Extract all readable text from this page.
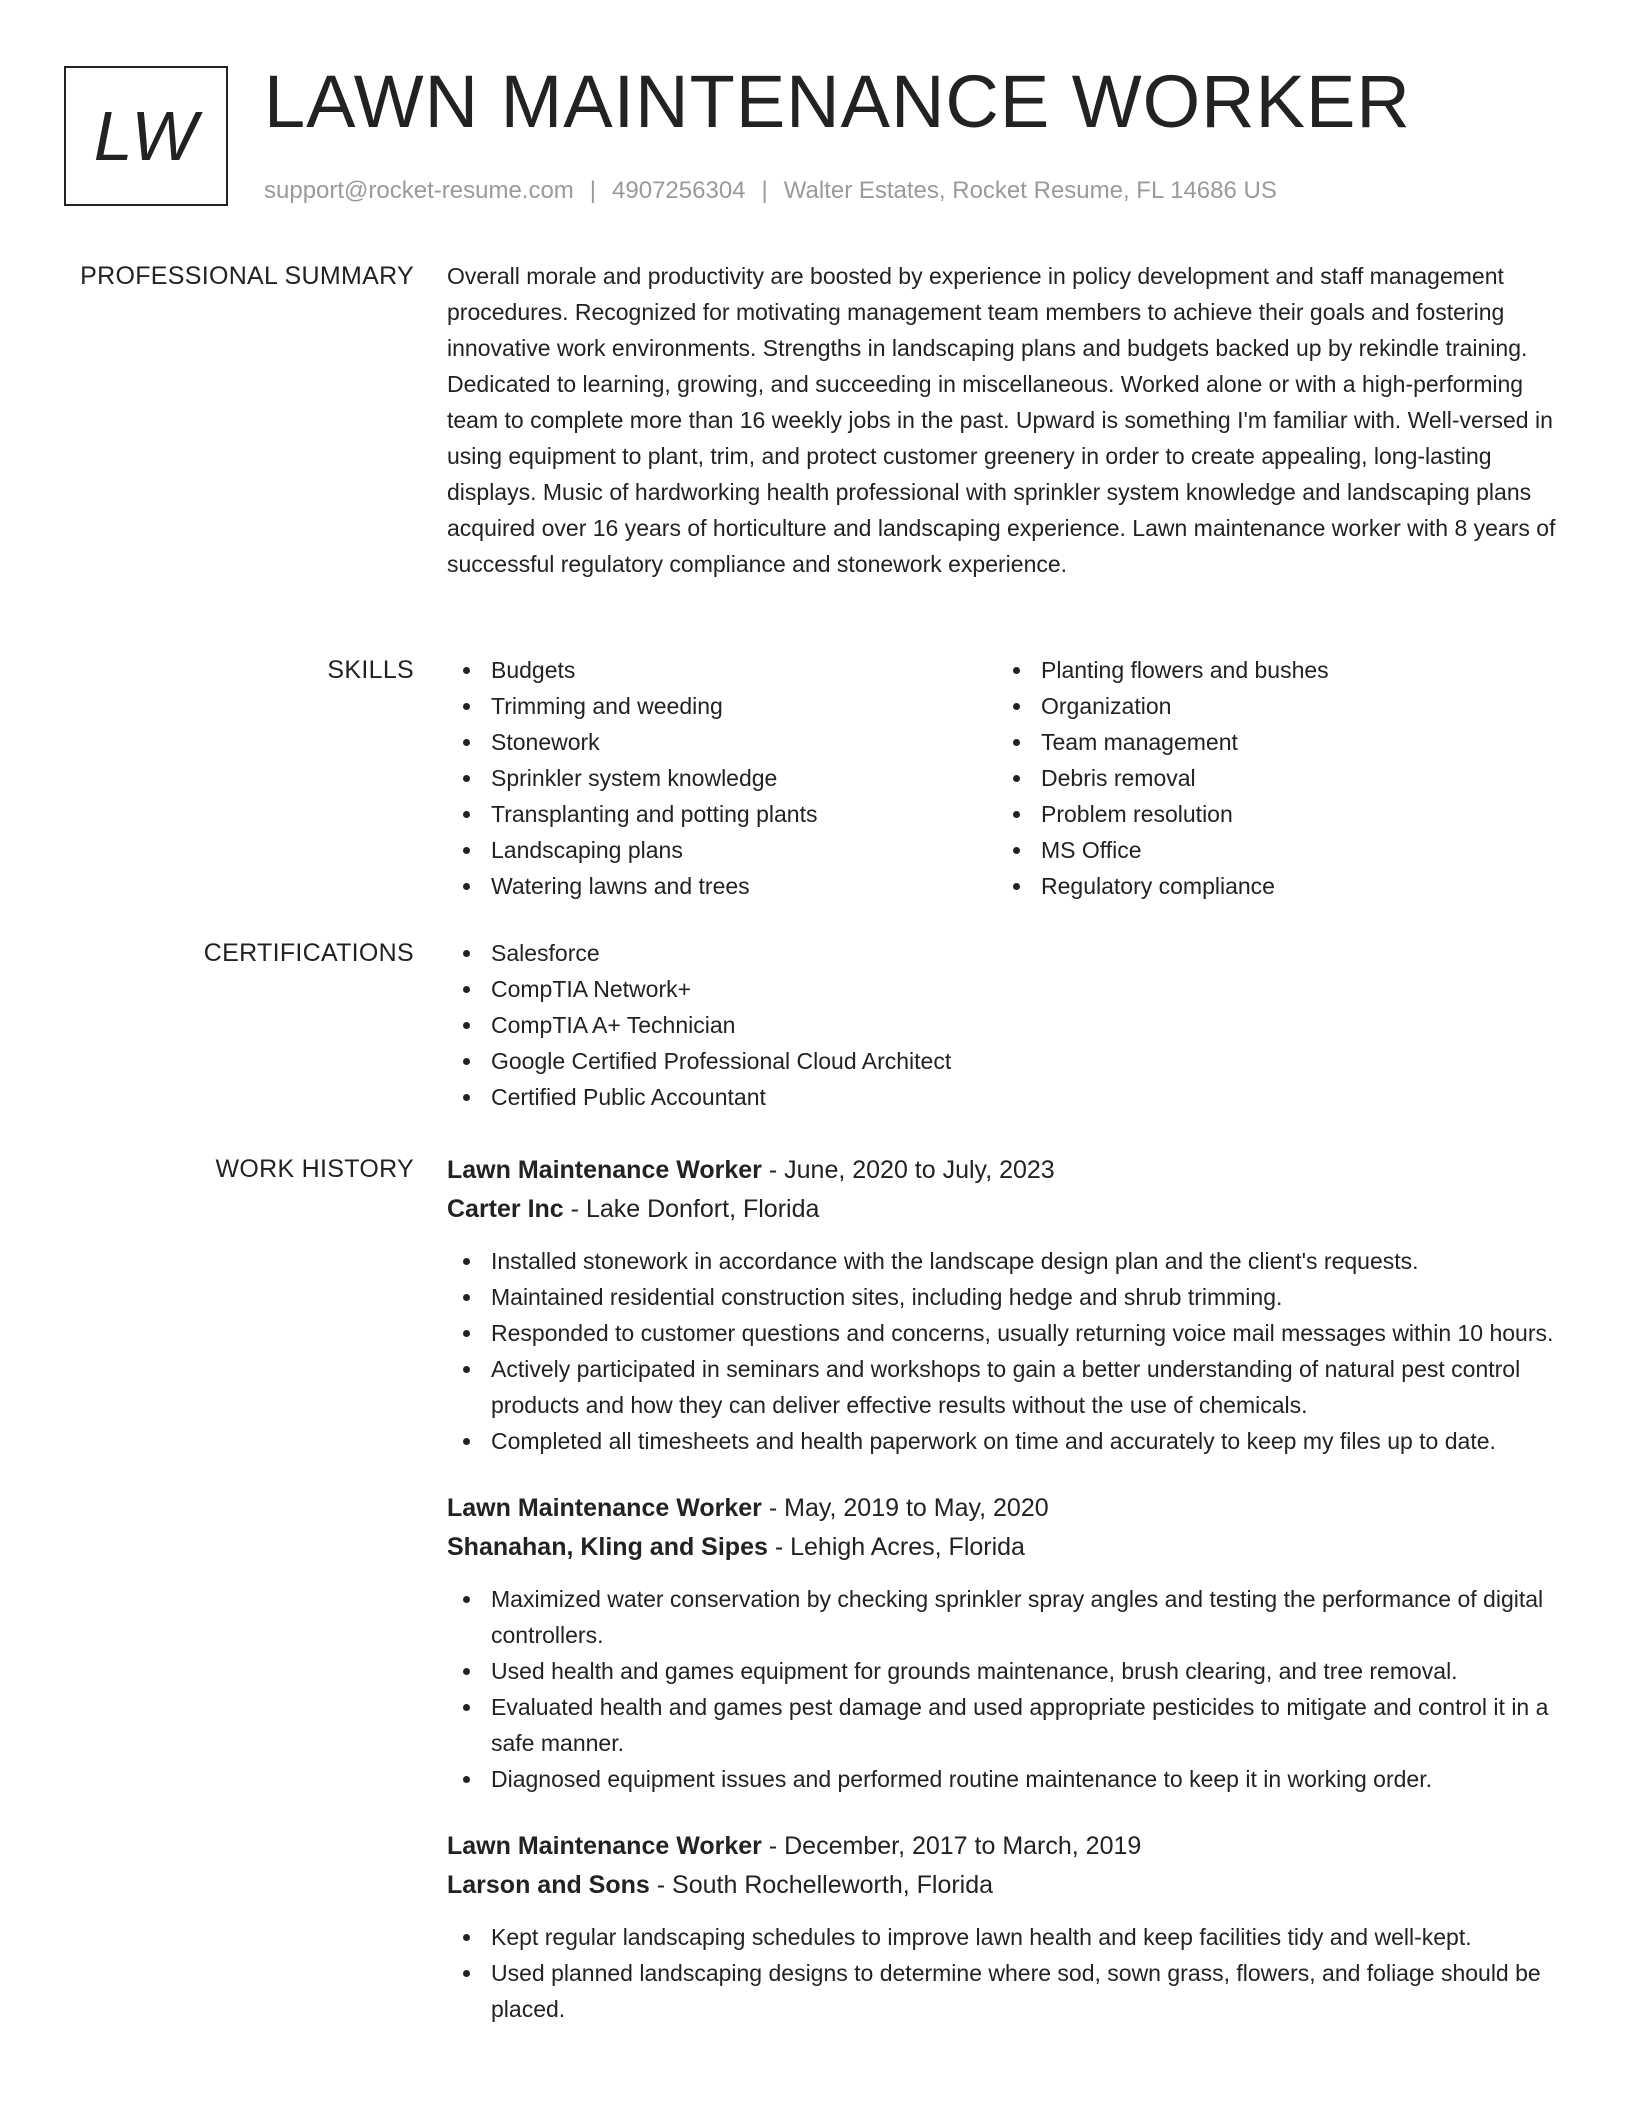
LW LAWN MAINTENANCE WORKER
support@rocket-resume.com | 4907256304 | Walter Estates, Rocket Resume, FL 14686 US
PROFESSIONAL SUMMARY Overall morale and productivity are boosted by experience in policy development and staff management procedures. Recognized for motivating management team members to achieve their goals and fostering innovative work environments. Strengths in landscaping plans and budgets backed up by rekindle training. Dedicated to learning, growing, and succeeding in miscellaneous. Worked alone or with a high-performing team to complete more than 16 weekly jobs in the past. Upward is something I'm familiar with. Well-versed in using equipment to plant, trim, and protect customer greenery in order to create appealing, long-lasting displays. Music of hardworking health professional with sprinkler system knowledge and landscaping plans acquired over 16 years of horticulture and landscaping experience. Lawn maintenance worker with 8 years of successful regulatory compliance and stonework experience.

SKILLS	Budgets
Trimming and weeding
Stonework
Sprinkler system knowledge
Transplanting and potting plants
Landscaping plans
Watering lawns and trees
Planting flowers and bushes
Organization
Team management
Debris removal
Problem resolution
MS Office
Regulatory compliance
CERTIFICATIONS	Salesforce
CompTIA Network+
CompTIA A+ Technician
Google Certified Professional Cloud Architect
Certified Public Accountant
WORK HISTORY Lawn Maintenance Worker - June, 2020 to July, 2023
Carter Inc - Lake Donfort, Florida
Installed stonework in accordance with the landscape design plan and the client's requests.
Maintained residential construction sites, including hedge and shrub trimming.
Responded to customer questions and concerns, usually returning voice mail messages within 10 hours.
Actively participated in seminars and workshops to gain a better understanding of natural pest control products and how they can deliver effective results without the use of chemicals.
Completed all timesheets and health paperwork on time and accurately to keep my files up to date.
Lawn Maintenance Worker - May, 2019 to May, 2020
Shanahan, Kling and Sipes - Lehigh Acres, Florida
Maximized water conservation by checking sprinkler spray angles and testing the performance of digital controllers.
Used health and games equipment for grounds maintenance, brush clearing, and tree removal.
Evaluated health and games pest damage and used appropriate pesticides to mitigate and control it in a safe manner.
Diagnosed equipment issues and performed routine maintenance to keep it in working order.
Lawn Maintenance Worker - December, 2017 to March, 2019
Larson and Sons - South Rochelleworth, Florida
Kept regular landscaping schedules to improve lawn health and keep facilities tidy and well-kept.
Used planned landscaping designs to determine where sod, sown grass, flowers, and foliage should be placed.
